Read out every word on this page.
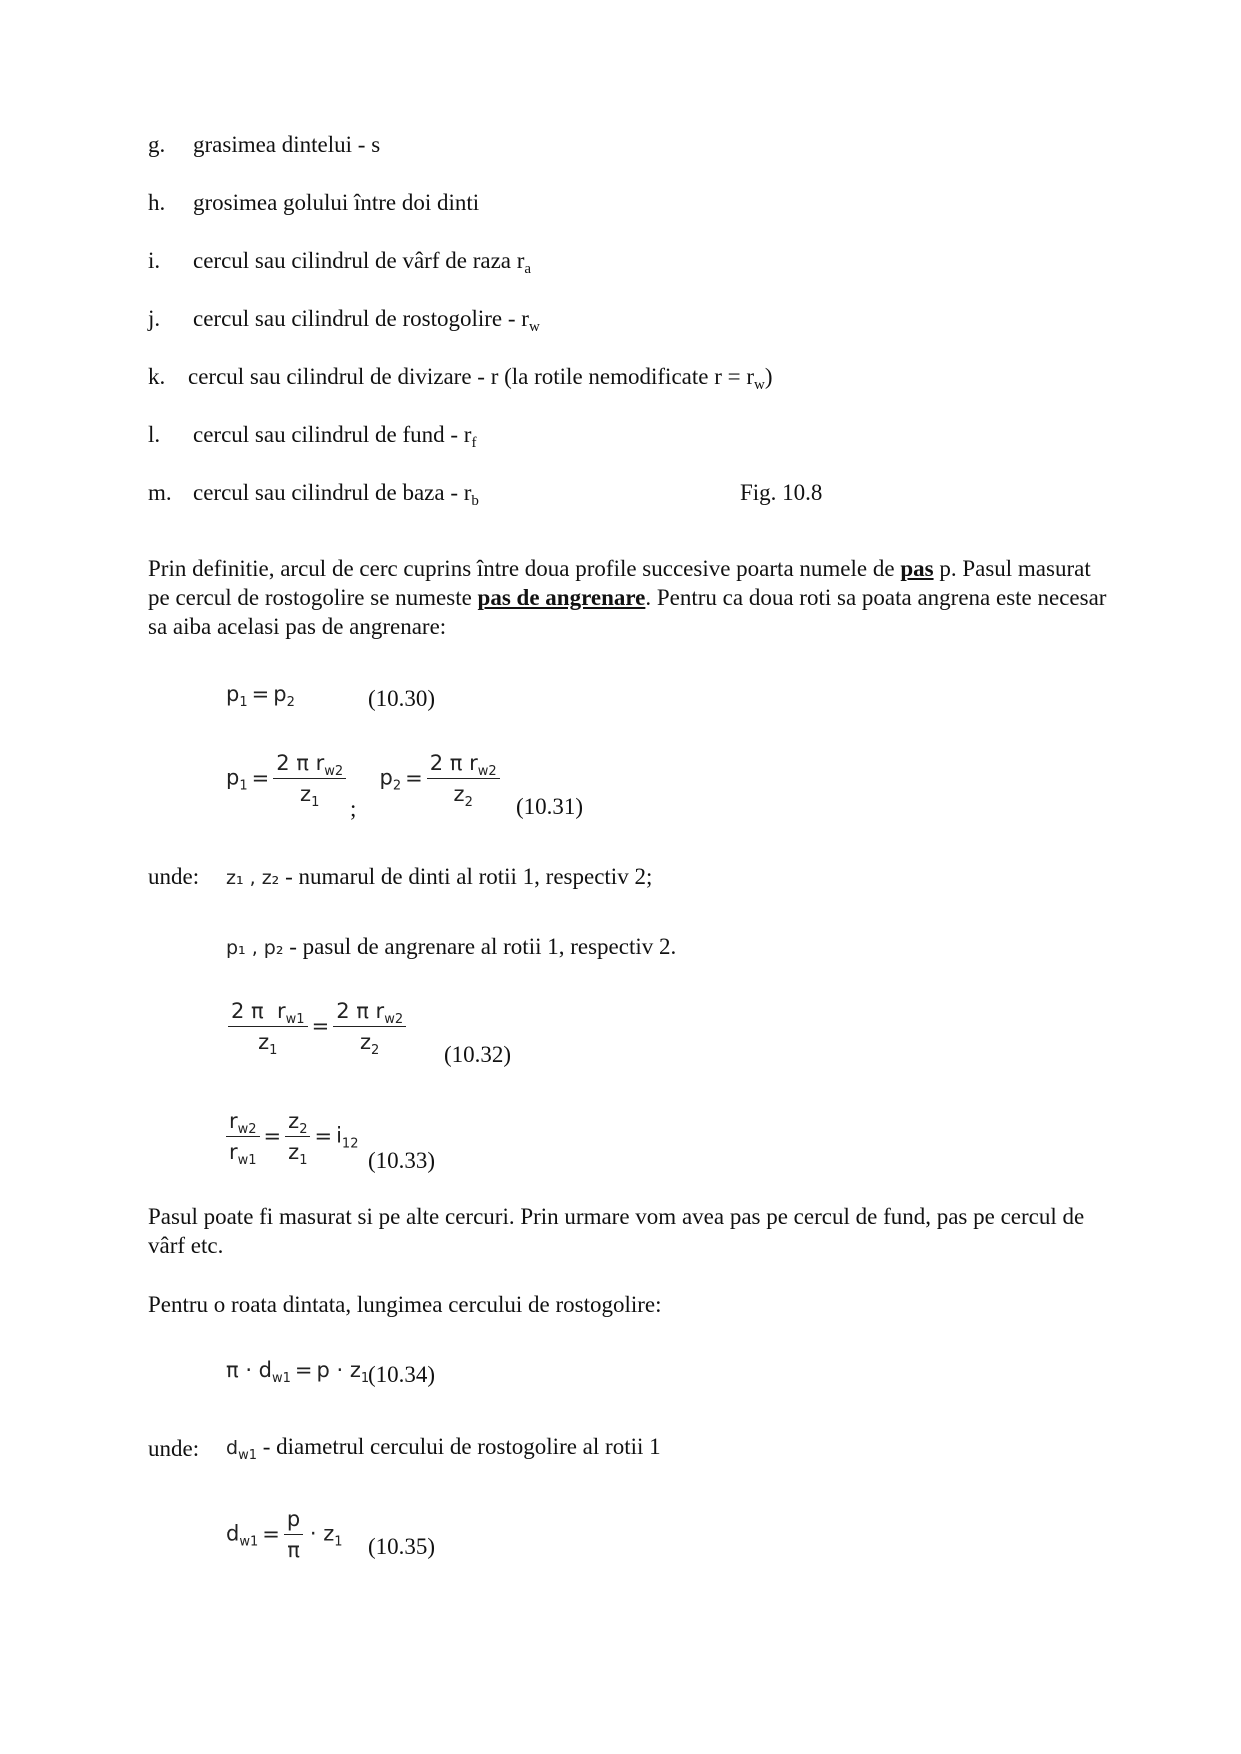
g. grasimea dintelui - s
h. grosimea golului între doi dinti
i. cercul sau cilindrul de vârf de raza $r_a$
j. cercul sau cilindrul de rostogolire - $r_w$
k. cercul sau cilindrul de divizare - r (la rotile nemodificate $r = r_w$)
l. cercul sau cilindrul de fund - $r_f$
m. cercul sau cilindrul de baza - $r_b$	Fig. 10.8
Prin definitie, arcul de cerc cuprins între doua profile succesive poarta numele de pas p. Pasul masurat pe cercul de rostogolire se numeste pas de angrenare. Pentru ca doua roti sa poata angrena este necesar sa aiba acelasi pas de angrenare:
$p_1 = p_2$	(10.30)
$p_1 = \frac{2 \pi r_{w2}}{z_1} p_2 = \frac{2 \pi r_{w2}}{z_2}$
;	(10.31)
unde: z₁ , z₂ - numarul de dinti al rotii 1, respectiv 2;
p₁ , p₂ - pasul de angrenare al rotii 1, respectiv 2.
$\frac{2 \pi r_{w1}}{z_1} = \frac{2 \pi r_{w2}}{z_2} (10.32)$
$\frac{r_{w2}}{r_{w1}} = \frac{z_2}{z_1} = i_{12}$
(10.33)
Pasul poate fi masurat si pe alte cercuri. Prin urmare vom avea pas pe cercul de fund, pas pe cercul de vârf etc.
Pentru o roata dintata, lungimea cercului de rostogolire:
$\pi \cdot d_{w1} = p \cdot z_1$
(10.34)
unde: $d_{w1}$ - diametrul cercului de rostogolire al rotii 1
$d_{w1} = \frac{p}{\pi} \cdot z_1$ (10.35)
